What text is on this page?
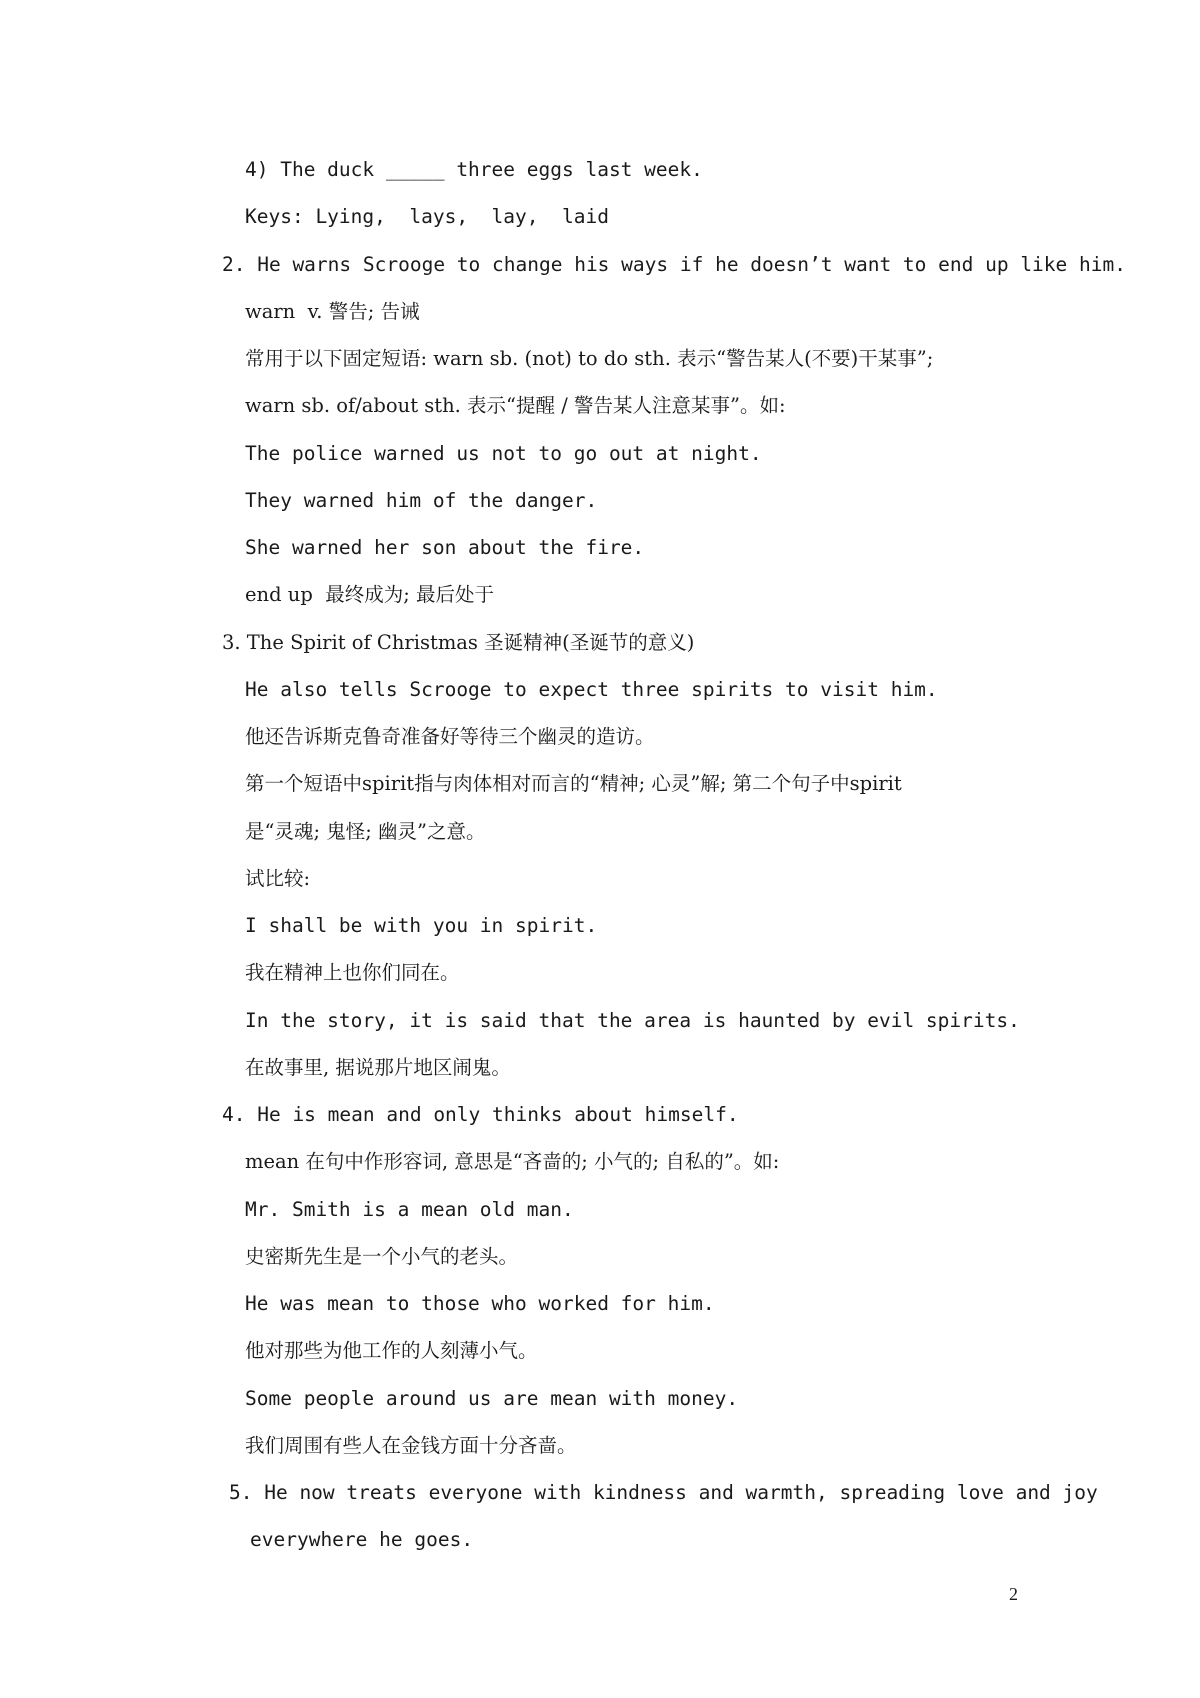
4) The duck _____ three eggs last week.
Keys: Lying,  lays,  lay,  laid
2. He warns Scrooge to change his ways if he doesn’t want to end up like him.
warn  v. 警告; 告诫
常用于以下固定短语: warn sb. (not) to do sth. 表示“警告某人(不要)干某事”;
warn sb. of/about sth. 表示“提醒 / 警告某人注意某事”。如:
The police warned us not to go out at night.
They warned him of the danger.
She warned her son about the fire.
end up  最终成为; 最后处于
3. The Spirit of Christmas 圣诞精神(圣诞节的意义)
He also tells Scrooge to expect three spirits to visit him.
他还告诉斯克鲁奇准备好等待三个幽灵的造访。
第一个短语中spirit指与肉体相对而言的“精神; 心灵”解; 第二个句子中spirit
是“灵魂; 鬼怪; 幽灵”之意。
试比较:
I shall be with you in spirit.
我在精神上也你们同在。
In the story, it is said that the area is haunted by evil spirits.
在故事里, 据说那片地区闹鬼。
4. He is mean and only thinks about himself.
mean 在句中作形容词, 意思是“吝啬的; 小气的; 自私的”。如:
Mr. Smith is a mean old man.
史密斯先生是一个小气的老头。
He was mean to those who worked for him.
他对那些为他工作的人刻薄小气。
Some people around us are mean with money.
我们周围有些人在金钱方面十分吝啬。
5. He now treats everyone with kindness and warmth, spreading love and joy
everywhere he goes.
2
